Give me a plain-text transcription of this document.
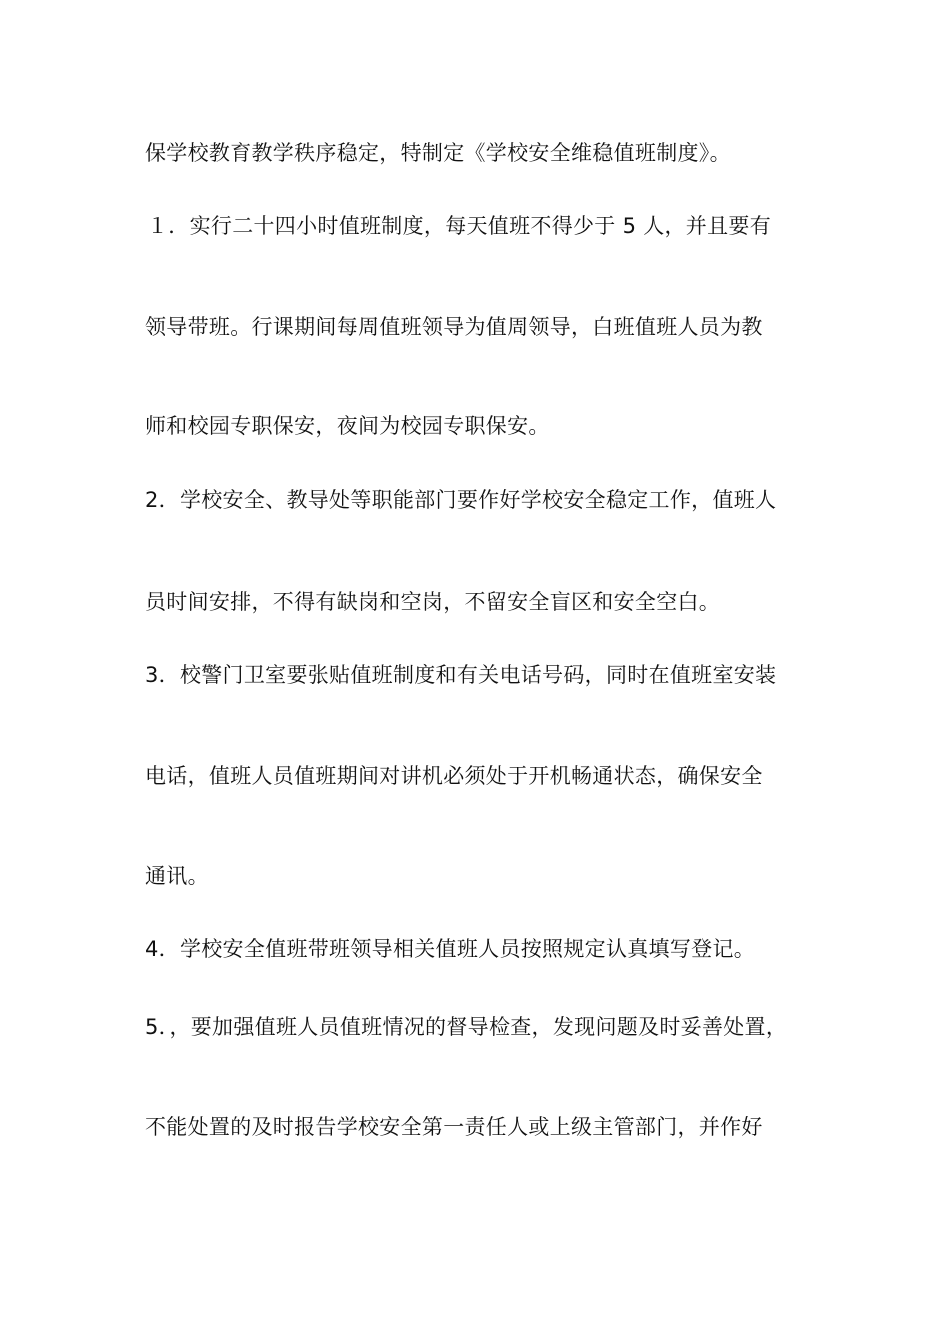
保学校教育教学秩序稳定，特制定《学校安全维稳值班制度》。
１．实行二十四小时值班制度，每天值班不得少于 5 人，并且要有
领导带班。行课期间每周值班领导为值周领导，白班值班人员为教
师和校园专职保安，夜间为校园专职保安。
2．学校安全、教导处等职能部门要作好学校安全稳定工作，值班人
员时间安排，不得有缺岗和空岗，不留安全盲区和安全空白。
3．校警门卫室要张贴值班制度和有关电话号码，同时在值班室安装
电话，值班人员值班期间对讲机必须处于开机畅通状态，确保安全
通讯。
4．学校安全值班带班领导相关值班人员按照规定认真填写登记。
5．，要加强值班人员值班情况的督导检查，发现问题及时妥善处置，
不能处置的及时报告学校安全第一责任人或上级主管部门，并作好
